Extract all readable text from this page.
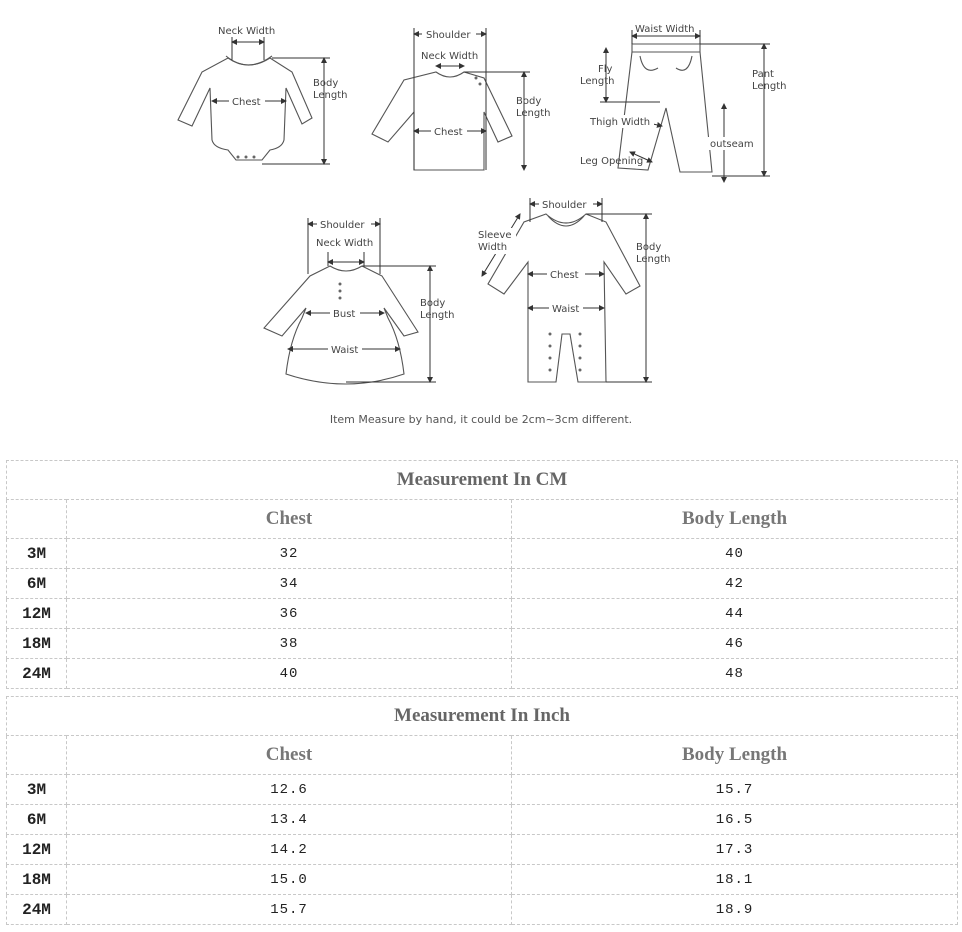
Neck Width
Chest
Body
Length
Shoulder
Neck Width
Chest
Body
Length
Waist Width
Fly
Length
Pant
Length
Thigh Width
outseam
Leg Opening
Shoulder
Neck Width
Bust
Waist
Body
Length
Shoulder
Sleeve
Width
Chest
Waist
Body
Length
Item Measure by hand, it could be 2cm~3cm different.
Measurement In CM		
	Chest	Body Length
3M	32	40
6M	34	42
12M	36	44
18M	38	46
24M	40	48
Measurement In Inch		
	Chest	Body Length
3M	12.6	15.7
6M	13.4	16.5
12M	14.2	17.3
18M	15.0	18.1
24M	15.7	18.9
